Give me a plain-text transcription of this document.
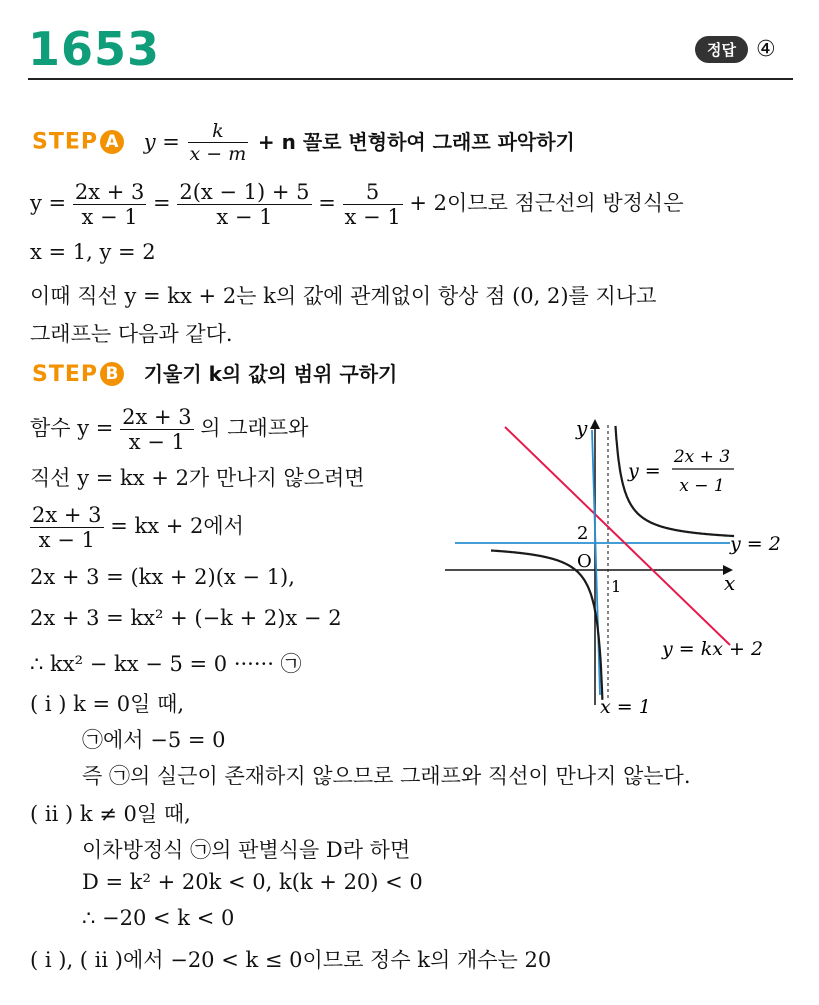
1653	정답 ④
STEP A $y = \frac{k}{x - m} + n$ 꼴로 변형하여 그래프 파악하기
$y = \frac{2x + 3}{x - 1} = \frac{2(x - 1) + 5}{x - 1} = \frac{5}{x - 1} + 2$이므로 점근선의 방정식은
x = 1, y = 2
이때 직선 y = kx + 2는 k의 값에 관계없이 항상 점 (0, 2)를 지나고
그래프는 다음과 같다.
STEP B 기울기 k의 값의 범위 구하기
함수 $y = \frac{2x + 3}{x - 1}$ 의 그래프와
직선 y = kx + 2가 만나지 않으려면
$\frac{2x + 3}{x - 1}$ = kx + 2에서
2x + 3 = (kx + 2)(x − 1),
2x + 3 = kx² + (−k + 2)x − 2
∴ kx² − kx − 5 = 0 ······ ㉠
( i ) k = 0일 때,
㉠에서 −5 = 0
즉 ㉠의 실근이 존재하지 않으므로 그래프와 직선이 만나지 않는다.
( ii ) k ≠ 0일 때,
이차방정식 ㉠의 판별식을 D라 하면
D = k² + 20k < 0, k(k + 20) < 0
∴ −20 < k < 0
( i ), ( ii )에서 −20 < k ≤ 0이므로 정수 k의 개수는 20
y
x
O
1
2
y =
2x + 3
x − 1
y = 2
y = kx + 2
x = 1
